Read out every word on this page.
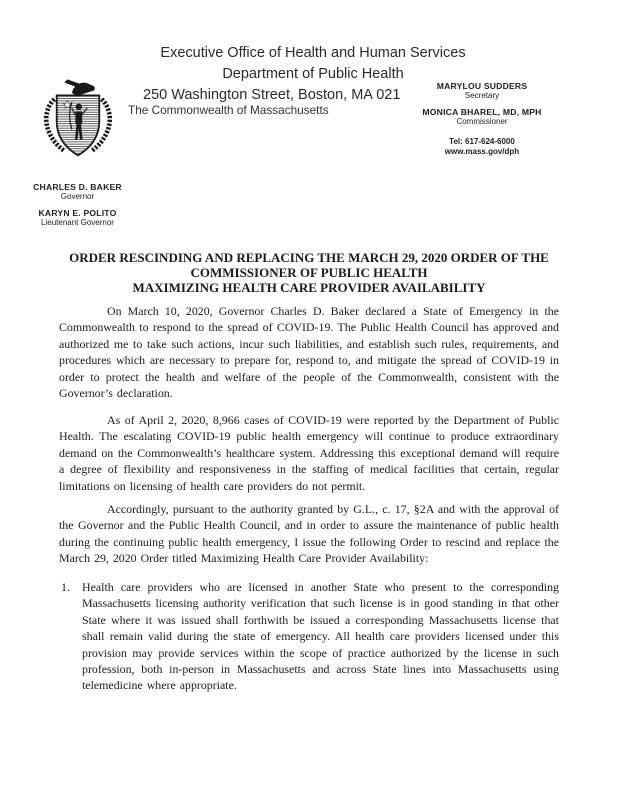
Executive Office of Health and Human Services
Department of Public Health
250 Washington Street, Boston, MA 021
The Commonwealth of Massachusetts
MARYLOU SUDDERS
Secretary
MONICA BHAREL, MD, MPH
Commissioner
Tel: 617-624-6000
www.mass.gov/dph
CHARLES D. BAKER
Governor
KARYN E. POLITO
Lieutenant Governor
ORDER RESCINDING AND REPLACING THE MARCH 29, 2020 ORDER OF THE
COMMISSIONER OF PUBLIC HEALTH
MAXIMIZING HEALTH CARE PROVIDER AVAILABILITY
On March 10, 2020, Governor Charles D. Baker declared a State of Emergency in the Commonwealth to respond to the spread of COVID-19. The Public Health Council has approved and authorized me to take such actions, incur such liabilities, and establish such rules, requirements, and procedures which are necessary to prepare for, respond to, and mitigate the spread of COVID-19 in order to protect the health and welfare of the people of the Commonwealth, consistent with the Governor’s declaration.
As of April 2, 2020, 8,966 cases of COVID-19 were reported by the Department of Public Health. The escalating COVID-19 public health emergency will continue to produce extraordinary demand on the Commonwealth’s healthcare system. Addressing this exceptional demand will require a degree of flexibility and responsiveness in the staffing of medical facilities that certain, regular limitations on licensing of health care providers do not permit.
Accordingly, pursuant to the authority granted by G.L., c. 17, §2A and with the approval of the Governor and the Public Health Council, and in order to assure the maintenance of public health during the continuing public health emergency, I issue the following Order to rescind and replace the March 29, 2020 Order titled Maximizing Health Care Provider Availability:
1.	Health care providers who are licensed in another State who present to the corresponding Massachusetts licensing authority verification that such license is in good standing in that other State where it was issued shall forthwith be issued a corresponding Massachusetts license that shall remain valid during the state of emergency. All health care providers licensed under this provision may provide services within the scope of practice authorized by the license in such profession, both in-person in Massachusetts and across State lines into Massachusetts using telemedicine where appropriate.
